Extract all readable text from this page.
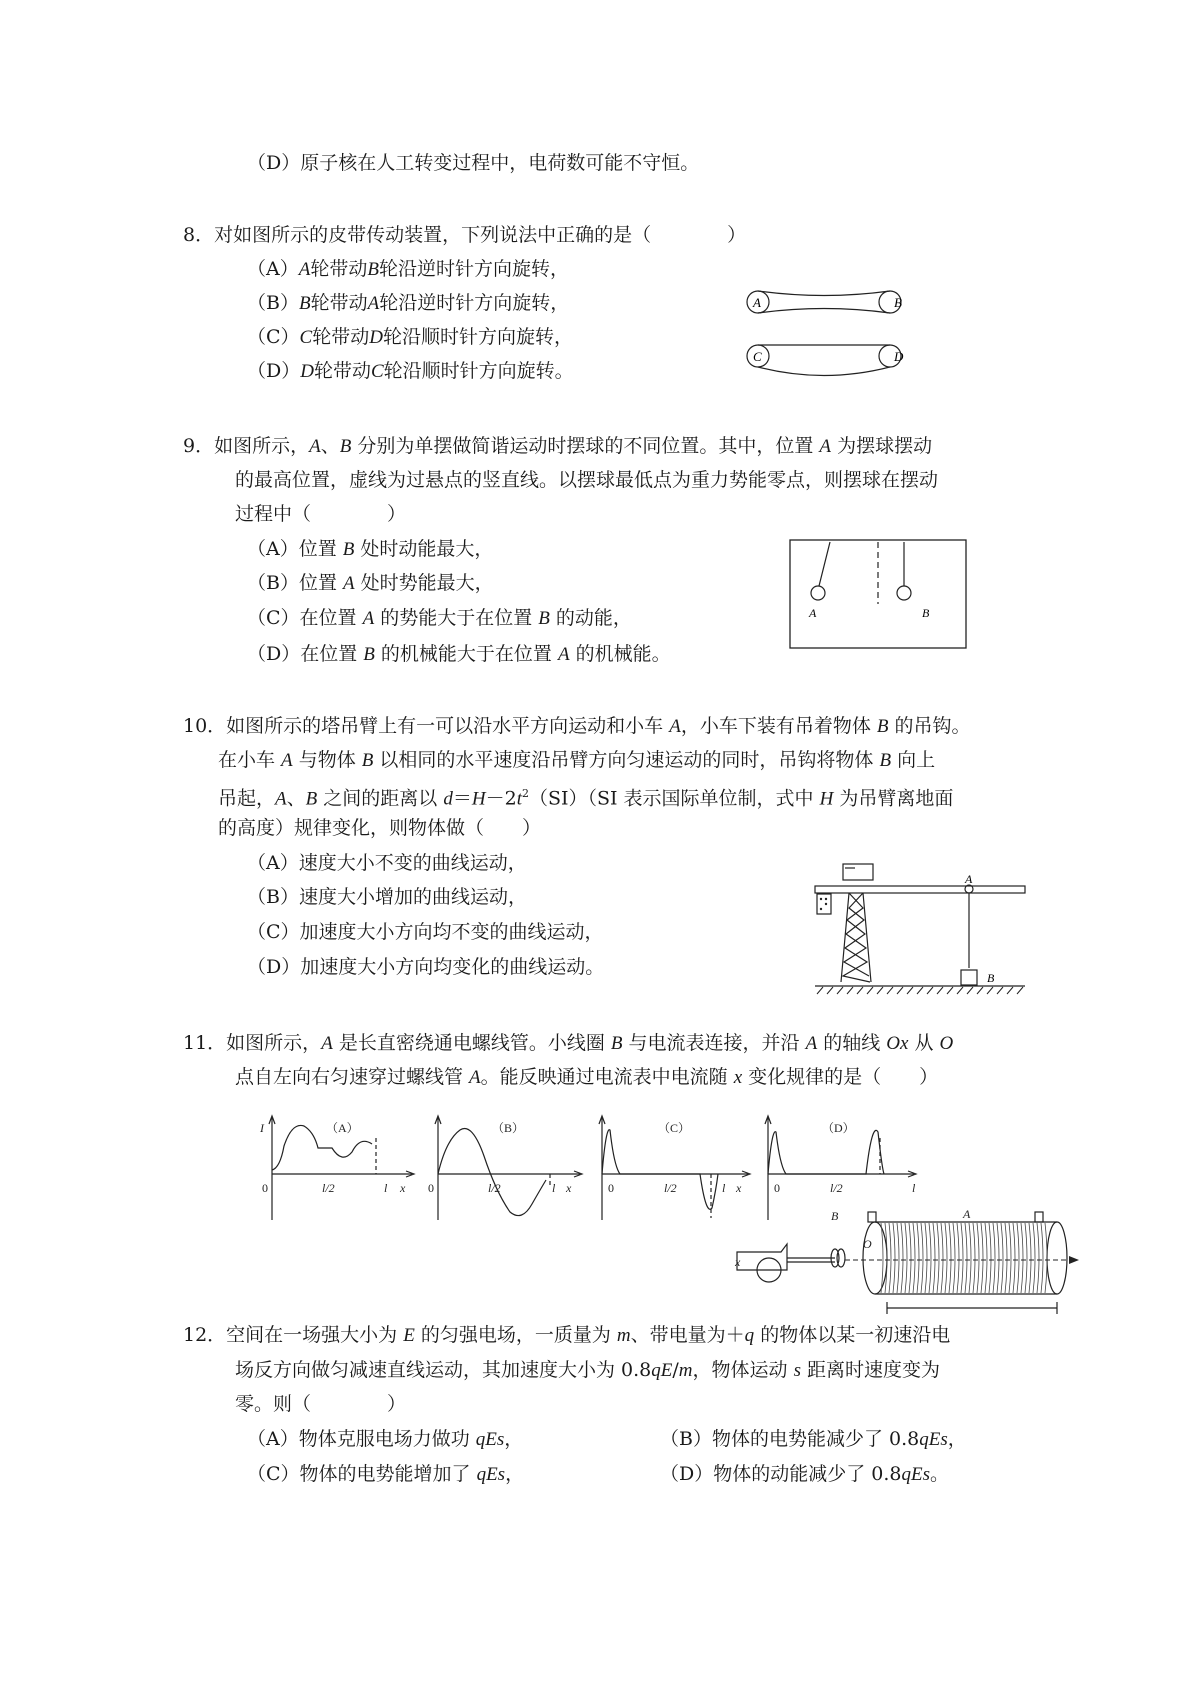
（D）原子核在人工转变过程中，电荷数可能不守恒。
8．对如图所示的皮带传动装置，下列说法中正确的是（　　　　）
（A）A轮带动B轮沿逆时针方向旋转，
（B）B轮带动A轮沿逆时针方向旋转，
（C）C轮带动D轮沿顺时针方向旋转，
（D）D轮带动C轮沿顺时针方向旋转。
A	B
C	D
9．如图所示，A、B 分别为单摆做简谐运动时摆球的不同位置。其中，位置 A 为摆球摆动
的最高位置，虚线为过悬点的竖直线。以摆球最低点为重力势能零点，则摆球在摆动
过程中（　　　　）
（A）位置 B 处时动能最大，
（B）位置 A 处时势能最大，
（C）在位置 A 的势能大于在位置 B 的动能，
（D）在位置 B 的机械能大于在位置 A 的机械能。
A	B
10．如图所示的塔吊臂上有一可以沿水平方向运动和小车 A，小车下装有吊着物体 B 的吊钩。
在小车 A 与物体 B 以相同的水平速度沿吊臂方向匀速运动的同时，吊钩将物体 B 向上
吊起，A、B 之间的距离以 $d=H-2t^2(SI)(SI$ 表示国际单位制，式中 H 为吊臂离地面
的高度）规律变化，则物体做（　　）
（A）速度大小不变的曲线运动，
（B）速度大小增加的曲线运动，
（C）加速度大小方向均不变的曲线运动，
（D）加速度大小方向均变化的曲线运动。
A
B
11．如图所示，A 是长直密绕通电螺线管。小线圈 B 与电流表连接，并沿 A 的轴线 Ox 从 O
点自左向右匀速穿过螺线管 A。能反映通过电流表中电流随 x 变化规律的是（　　）
（A）
I
0	l/2	l x
（B）
0	l/2	l x
（C）
0	l/2	l x
（D）
0	l/2	l
B
O
A
x
12．空间在一场强大小为 E 的匀强电场，一质量为 m、带电量为＋q 的物体以某一初速沿电
场反方向做匀减速直线运动，其加速度大小为 0.8qE/m，物体运动 s 距离时速度变为
零。则（　　　　）
（A）物体克服电场力做功 qEs，	（B）物体的电势能减少了 0.8qEs，
（C）物体的电势能增加了 qEs，	（D）物体的动能减少了 0.8qEs。
